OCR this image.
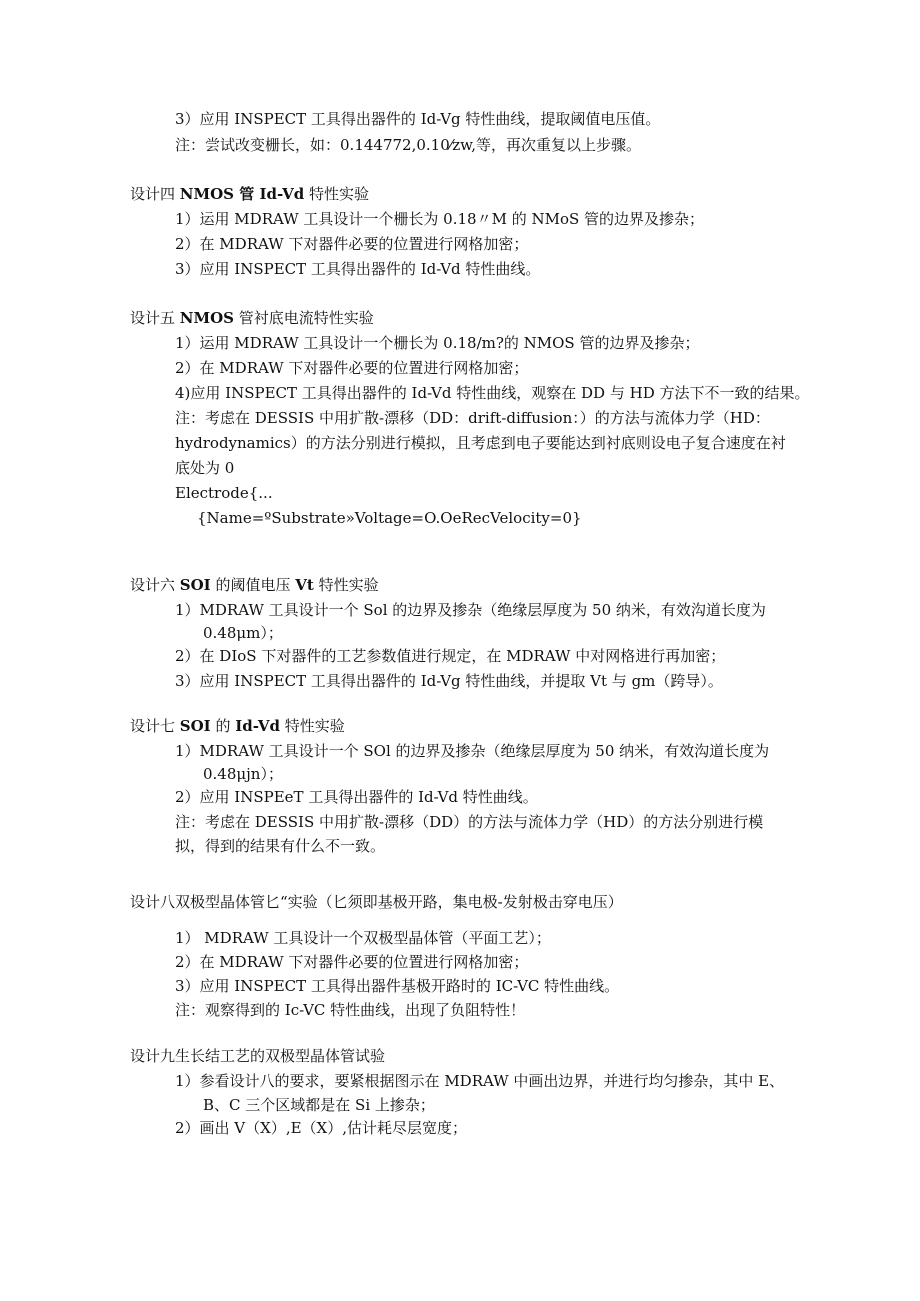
3）应用 INSPECT 工具得出器件的 Id-Vg 特性曲线，提取阈值电压值。
注：尝试改变栅长，如：0.144772,0.10⁄zw,等，再次重复以上步骤。
设计四 NMOS 管 Id-Vd 特性实验
1）运用 MDRAW 工具设计一个栅长为 0.18〃M 的 NMoS 管的边界及掺杂；
2）在 MDRAW 下对器件必要的位置进行网格加密；
3）应用 INSPECT 工具得出器件的 Id-Vd 特性曲线。
设计五 NMOS 管衬底电流特性实验
1）运用 MDRAW 工具设计一个栅长为 0.18/m?的 NMOS 管的边界及掺杂；
2）在 MDRAW 下对器件必要的位置进行网格加密；
4)应用 INSPECT 工具得出器件的 Id-Vd 特性曲线，观察在 DD 与 HD 方法下不一致的结果。
注：考虑在 DESSIS 中用扩散-漂移（DD：drift-diffusion：）的方法与流体力学（HD：
hydrodynamics）的方法分别进行模拟，且考虑到电子要能达到衬底则设电子复合速度在衬
底处为 0
Electrode{...
{Name=ºSubstrate»Voltage=O.OeRecVelocity=0}
设计六 SOI 的阈值电压 Vt 特性实验
1）MDRAW 工具设计一个 Sol 的边界及掺杂（绝缘层厚度为 50 纳米，有效沟道长度为
0.48μm）；
2）在 DIoS 下对器件的工艺参数值进行规定，在 MDRAW 中对网格进行再加密；
3）应用 INSPECT 工具得出器件的 Id-Vg 特性曲线，并提取 Vt 与 gm（跨导）。
设计七 SOI 的 Id-Vd 特性实验
1）MDRAW 工具设计一个 SOl 的边界及掺杂（绝缘层厚度为 50 纳米，有效沟道长度为
0.48μjn）；
2）应用 INSPEeT 工具得出器件的 Id-Vd 特性曲线。
注：考虑在 DESSIS 中用扩散-漂移（DD）的方法与流体力学（HD）的方法分别进行模
拟，得到的结果有什么不一致。
设计八双极型晶体管匕“实验（匕须即基极开路，集电极-发射极击穿电压）
1） MDRAW 工具设计一个双极型晶体管（平面工艺）；
2）在 MDRAW 下对器件必要的位置进行网格加密；
3）应用 INSPECT 工具得出器件基极开路时的 IC-VC 特性曲线。
注：观察得到的 Ic-VC 特性曲线，出现了负阻特性！
设计九生长结工艺的双极型晶体管试验
1）参看设计八的要求，要紧根据图示在 MDRAW 中画出边界，并进行均匀掺杂，其中 E、
B、C 三个区域都是在 Si 上掺杂；
2）画出 V（X）,E（X）,估计耗尽层宽度；
